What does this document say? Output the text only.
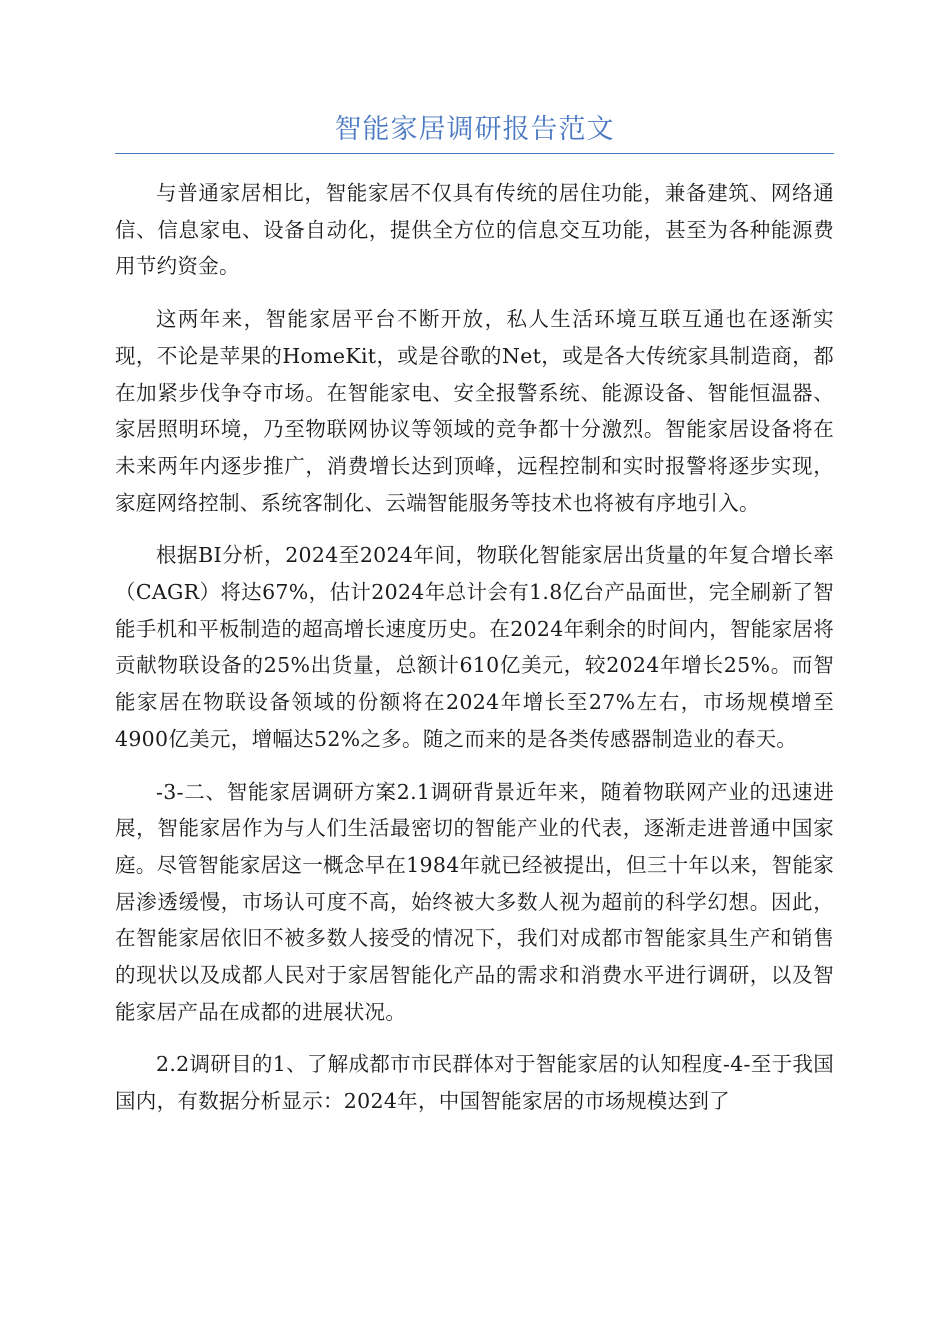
智能家居调研报告范文

与普通家居相比，智能家居不仅具有传统的居住功能，兼备建筑、网络通信、信息家电、设备自动化，提供全方位的信息交互功能，甚至为各种能源费用节约资金。

这两年来，智能家居平台不断开放，私人生活环境互联互通也在逐渐实现，不论是苹果的HomeKit，或是谷歌的Net，或是各大传统家具制造商，都在加紧步伐争夺市场。在智能家电、安全报警系统、能源设备、智能恒温器、家居照明环境，乃至物联网协议等领域的竞争都十分激烈。智能家居设备将在未来两年内逐步推广，消费增长达到顶峰，远程控制和实时报警将逐步实现，家庭网络控制、系统客制化、云端智能服务等技术也将被有序地引入。

根据BI分析，2024至2024年间，物联化智能家居出货量的年复合增长率（CAGR）将达67%，估计2024年总计会有1.8亿台产品面世，完全刷新了智能手机和平板制造的超高增长速度历史。在2024年剩余的时间内，智能家居将贡献物联设备的25%出货量，总额计610亿美元，较2024年增长25%。而智能家居在物联设备领域的份额将在2024年增长至27%左右，市场规模增至4900亿美元，增幅达52%之多。随之而来的是各类传感器制造业的春天。

-3-二、智能家居调研方案2.1调研背景近年来，随着物联网产业的迅速进展，智能家居作为与人们生活最密切的智能产业的代表，逐渐走进普通中国家庭。尽管智能家居这一概念早在1984年就已经被提出，但三十年以来，智能家居渗透缓慢，市场认可度不高，始终被大多数人视为超前的科学幻想。因此，在智能家居依旧不被多数人接受的情况下，我们对成都市智能家具生产和销售的现状以及成都人民对于家居智能化产品的需求和消费水平进行调研，以及智能家居产品在成都的进展状况。

2.2调研目的1、了解成都市市民群体对于智能家居的认知程度-4-至于我国国内，有数据分析显示：2024年，中国智能家居的市场规模达到了
